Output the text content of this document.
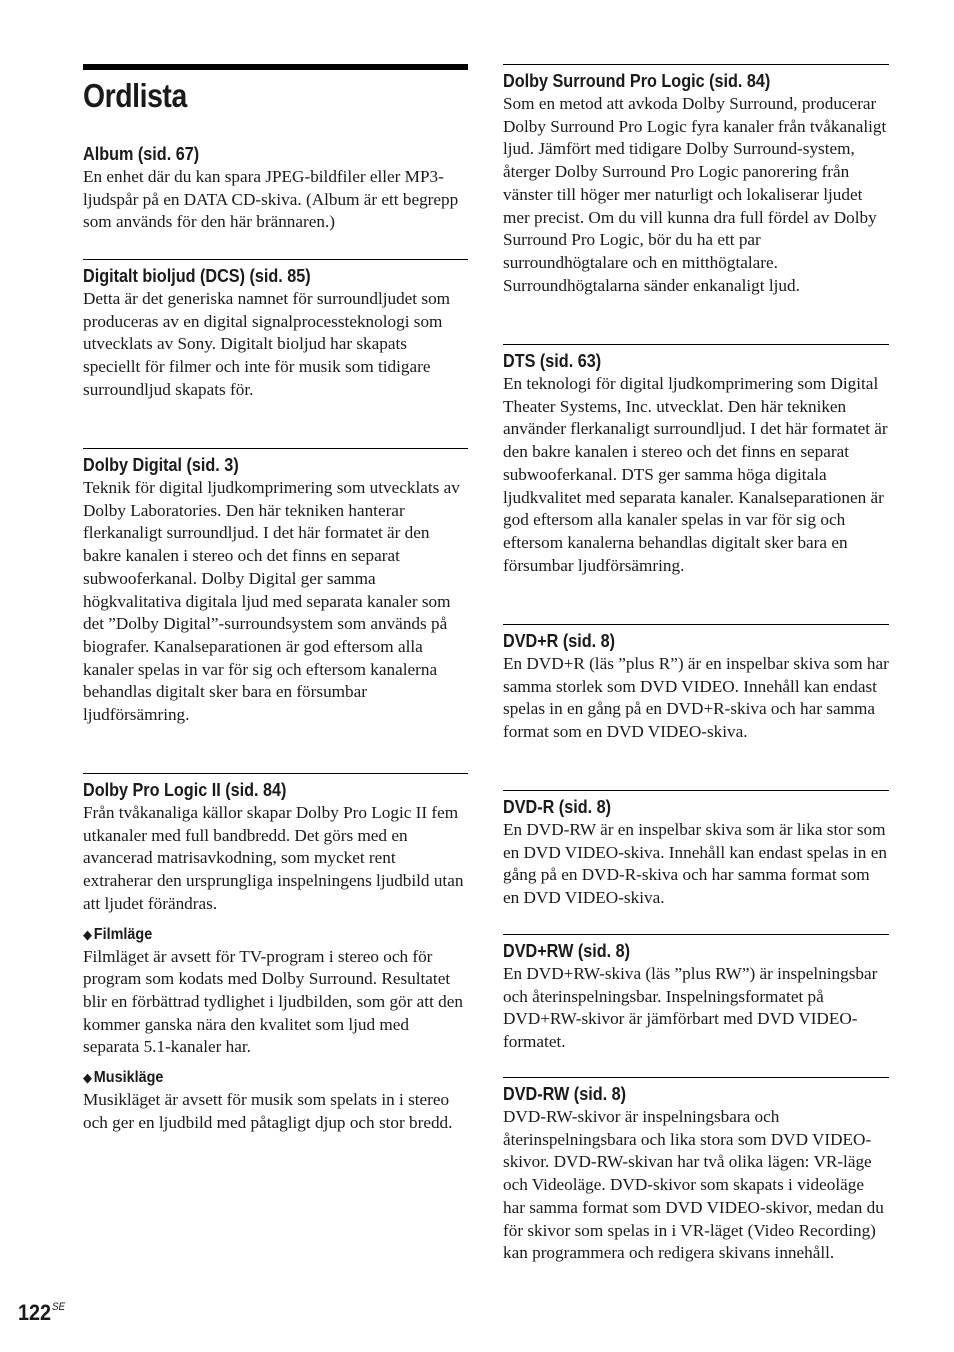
Ordlista

Album (sid. 67)

En enhet där du kan spara JPEG-bildfiler eller MP3-ljudspår på en DATA CD-skiva. (Album är ett begrepp som används för den här brännaren.)

Digitalt bioljud (DCS) (sid. 85)

Detta är det generiska namnet för surroundljudet som produceras av en digital signalprocessteknologi som utvecklats av Sony. Digitalt bioljud har skapats speciellt för filmer och inte för musik som tidigare surroundljud skapats för.

Dolby Digital (sid. 3)

Teknik för digital ljudkomprimering som utvecklats av Dolby Laboratories. Den här tekniken hanterar flerkanaligt surroundljud. I det här formatet är den bakre kanalen i stereo och det finns en separat subwooferkanal. Dolby Digital ger samma högkvalitativa digitala ljud med separata kanaler som det ”Dolby Digital”-surroundsystem som används på biografer. Kanalseparationen är god eftersom alla kanaler spelas in var för sig och eftersom kanalerna behandlas digitalt sker bara en försumbar ljudförsämring.

Dolby Pro Logic II (sid. 84)

Från tvåkanaliga källor skapar Dolby Pro Logic II fem utkanaler med full bandbredd. Det görs med en avancerad matrisavkodning, som mycket rent extraherar den ursprungliga inspelningens ljudbild utan att ljudet förändras.

◆ Filmläge

Filmläget är avsett för TV-program i stereo och för program som kodats med Dolby Surround. Resultatet blir en förbättrad tydlighet i ljudbilden, som gör att den kommer ganska nära den kvalitet som ljud med separata 5.1-kanaler har.

◆ Musikläge

Musikläget är avsett för musik som spelats in i stereo och ger en ljudbild med påtagligt djup och stor bredd.

Dolby Surround Pro Logic (sid. 84)

Som en metod att avkoda Dolby Surround, producerar Dolby Surround Pro Logic fyra kanaler från tvåkanaligt ljud. Jämfört med tidigare Dolby Surround-system, återger Dolby Surround Pro Logic panorering från vänster till höger mer naturligt och lokaliserar ljudet mer precist. Om du vill kunna dra full fördel av Dolby Surround Pro Logic, bör du ha ett par surroundhögtalare och en mitthögtalare. Surroundhögtalarna sänder enkanaligt ljud.

DTS (sid. 63)

En teknologi för digital ljudkomprimering som Digital Theater Systems, Inc. utvecklat. Den här tekniken använder flerkanaligt surroundljud. I det här formatet är den bakre kanalen i stereo och det finns en separat subwooferkanal. DTS ger samma höga digitala ljudkvalitet med separata kanaler. Kanalseparationen är god eftersom alla kanaler spelas in var för sig och eftersom kanalerna behandlas digitalt sker bara en försumbar ljudförsämring.

DVD+R (sid. 8)

En DVD+R (läs ”plus R”) är en inspelbar skiva som har samma storlek som DVD VIDEO. Innehåll kan endast spelas in en gång på en DVD+R-skiva och har samma format som en DVD VIDEO-skiva.

DVD-R (sid. 8)

En DVD-RW är en inspelbar skiva som är lika stor som en DVD VIDEO-skiva. Innehåll kan endast spelas in en gång på en DVD-R-skiva och har samma format som en DVD VIDEO-skiva.

DVD+RW (sid. 8)

En DVD+RW-skiva (läs ”plus RW”) är inspelningsbar och återinspelningsbar. Inspelningsformatet på DVD+RW-skivor är jämförbart med DVD VIDEO-formatet.

DVD-RW (sid. 8)

DVD-RW-skivor är inspelningsbara och återinspelningsbara och lika stora som DVD VIDEO-skivor. DVD-RW-skivan har två olika lägen: VR-läge och Videoläge. DVD-skivor som skapats i videoläge har samma format som DVD VIDEO-skivor, medan du för skivor som spelas in i VR-läget (Video Recording) kan programmera och redigera skivans innehåll.

$122^{SE}$
